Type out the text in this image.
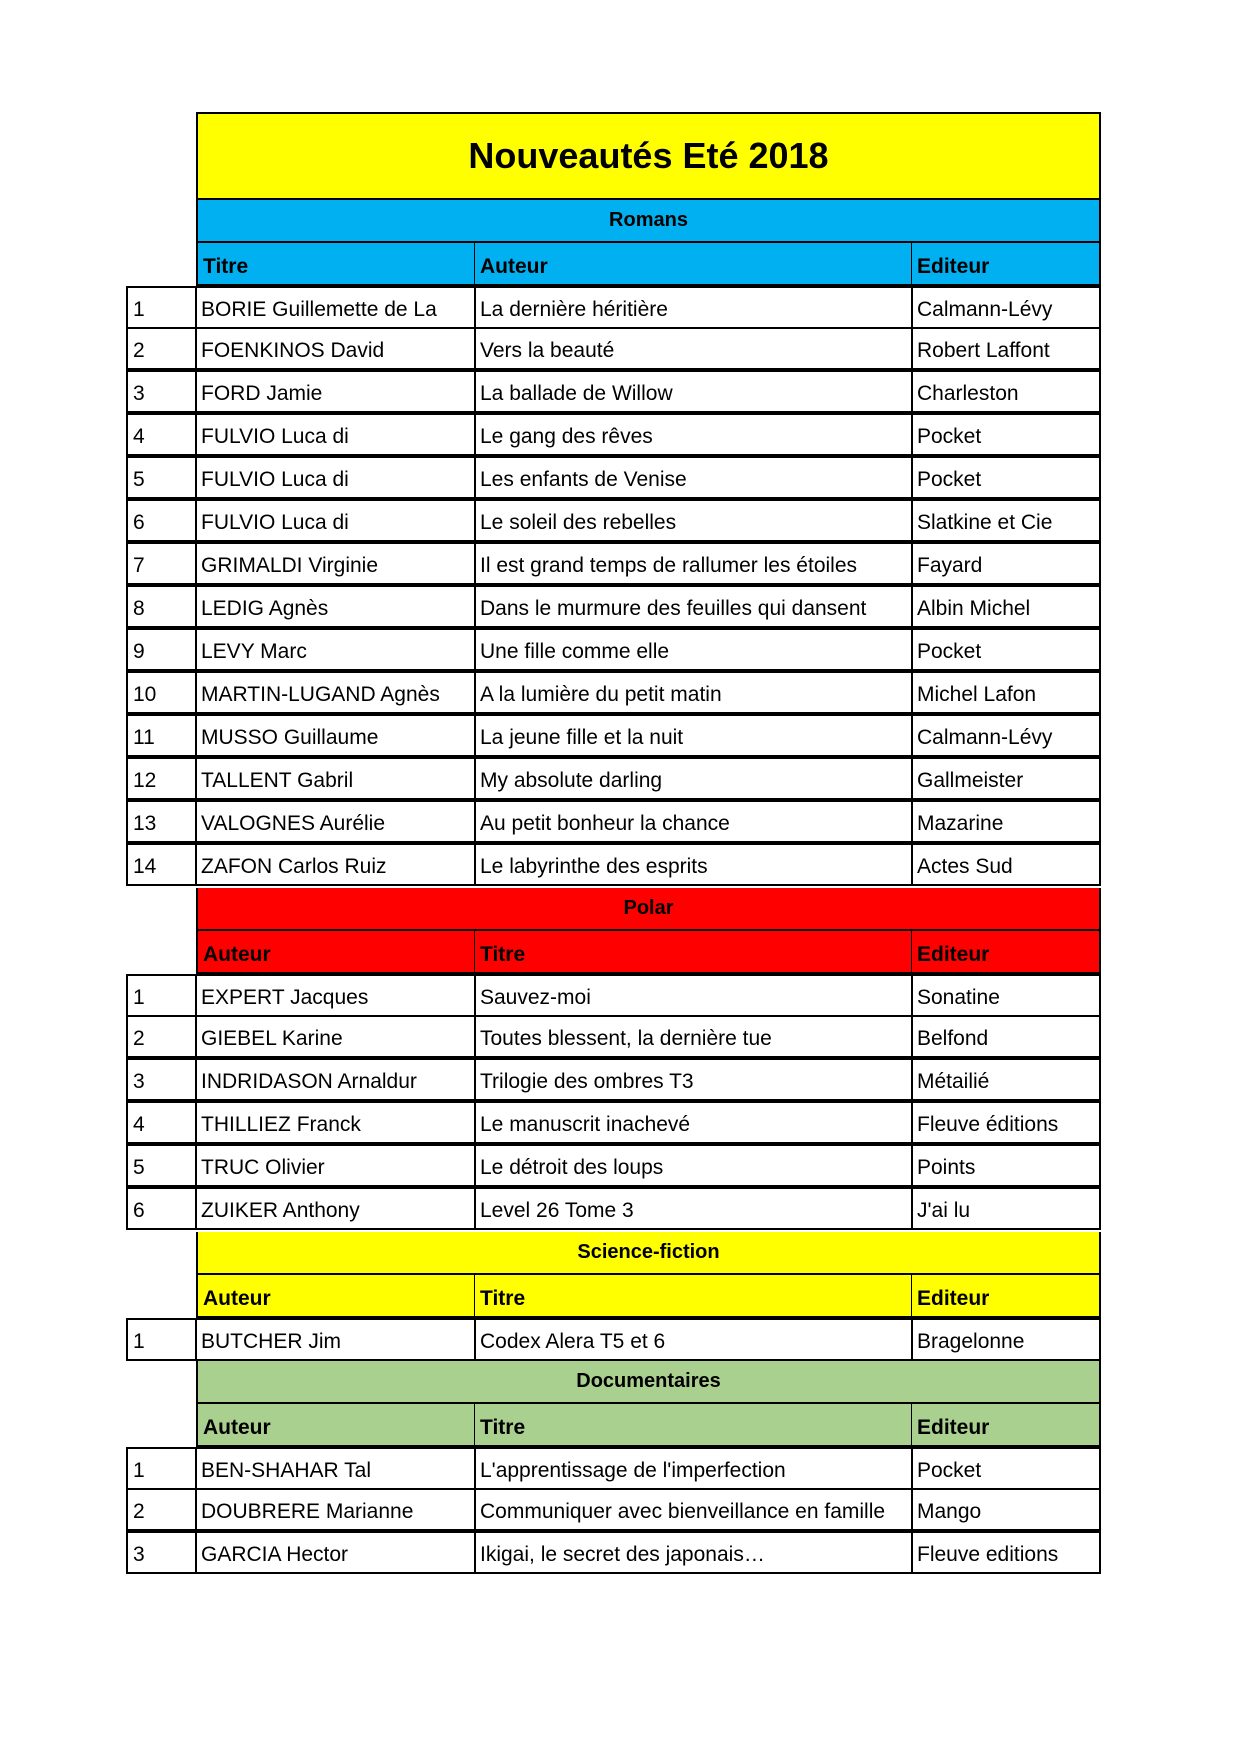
Nouveautés Eté 2018
Romans
Titre	Auteur	Editeur
1	BORIE Guillemette de La	La dernière héritière	Calmann-Lévy
2	FOENKINOS David	Vers la beauté	Robert Laffont
3	FORD Jamie	La ballade de Willow	Charleston
4	FULVIO Luca di	Le gang des rêves	Pocket
5	FULVIO Luca di	Les enfants de Venise	Pocket
6	FULVIO Luca di	Le soleil des rebelles	Slatkine et Cie
7	GRIMALDI Virginie	Il est grand temps de rallumer les étoiles	Fayard
8	LEDIG Agnès	Dans le murmure des feuilles qui dansent	Albin Michel
9	LEVY Marc	Une fille comme elle	Pocket
10	MARTIN-LUGAND Agnès	A la lumière du petit matin	Michel Lafon
11	MUSSO Guillaume	La jeune fille et la nuit	Calmann-Lévy
12	TALLENT Gabril	My absolute darling	Gallmeister
13	VALOGNES Aurélie	Au petit bonheur la chance	Mazarine
14	ZAFON Carlos Ruiz	Le labyrinthe des esprits	Actes Sud
Polar
Auteur	Titre	Editeur
1	EXPERT Jacques	Sauvez-moi	Sonatine
2	GIEBEL Karine	Toutes blessent, la dernière tue	Belfond
3	INDRIDASON Arnaldur	Trilogie des ombres T3	Métailié
4	THILLIEZ Franck	Le manuscrit inachevé	Fleuve éditions
5	TRUC Olivier	Le détroit des loups	Points
6	ZUIKER Anthony	Level 26 Tome 3	J'ai lu
Science-fiction
Auteur	Titre	Editeur
1	BUTCHER Jim	Codex Alera T5 et 6	Bragelonne
Documentaires
Auteur	Titre	Editeur
1	BEN-SHAHAR Tal	L'apprentissage de l'imperfection	Pocket
2	DOUBRERE Marianne	Communiquer avec bienveillance en famille	Mango
3	GARCIA Hector	Ikigai, le secret des japonais…	Fleuve editions
